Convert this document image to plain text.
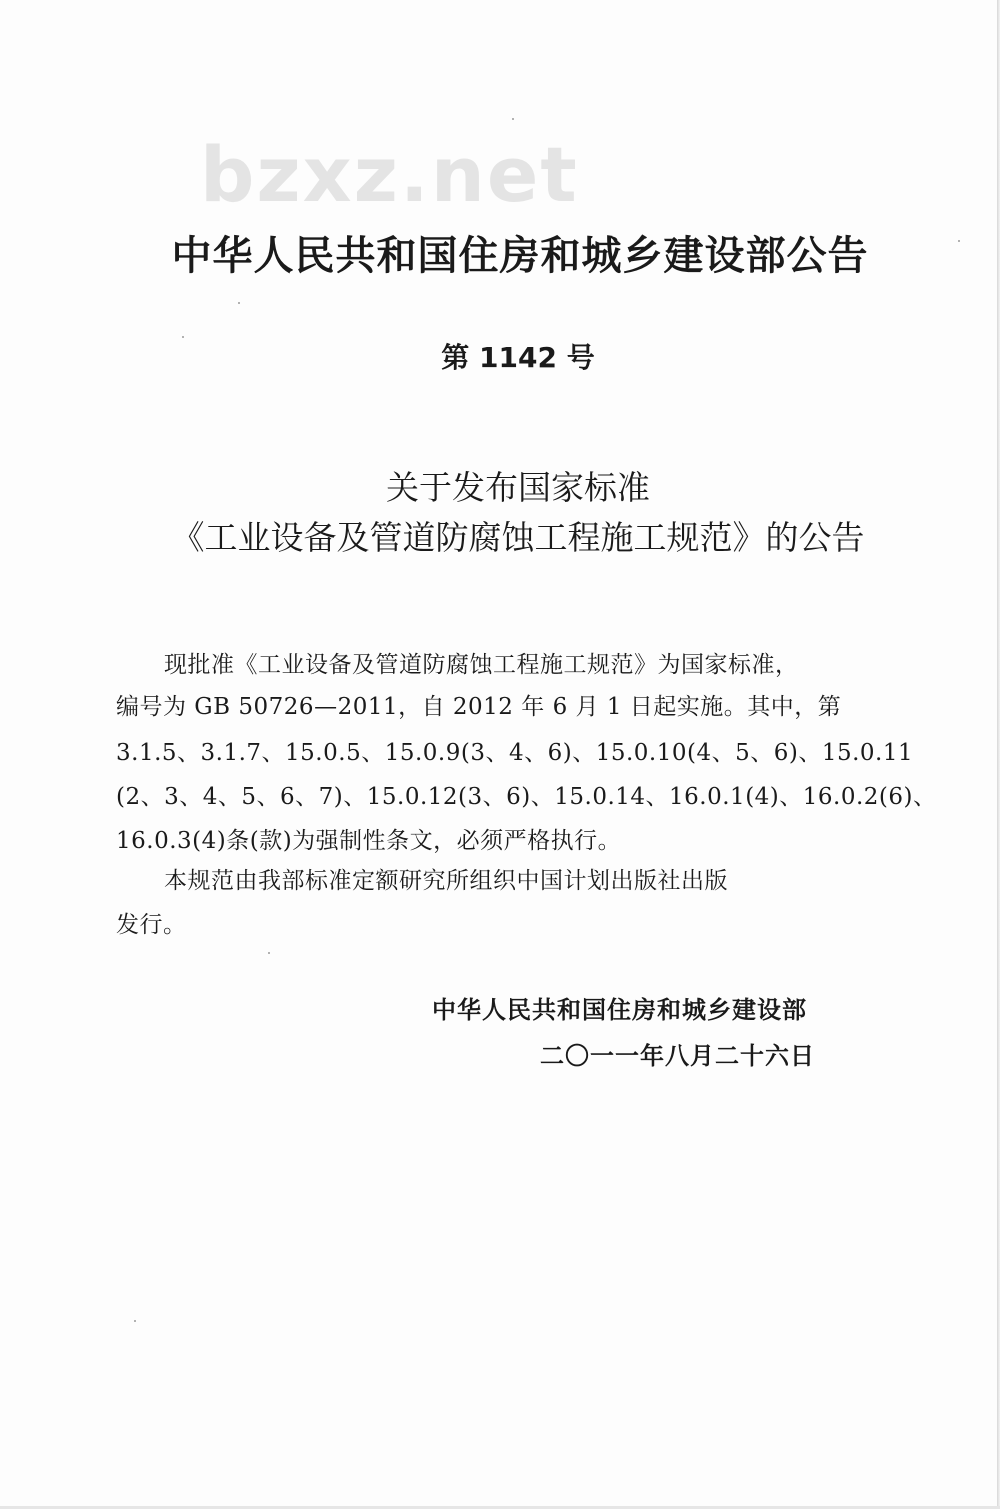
bzxz.net
中华人民共和国住房和城乡建设部公告
第 1142 号
关于发布国家标准
《工业设备及管道防腐蚀工程施工规范》的公告
现批准《工业设备及管道防腐蚀工程施工规范》为国家标准，
编号为 GB 50726—2011，自 2012 年 6 月 1 日起实施。其中，第
3.1.5、3.1.7、15.0.5、15.0.9(3、4、6)、15.0.10(4、5、6)、15.0.11
(2、3、4、5、6、7)、15.0.12(3、6)、15.0.14、16.0.1(4)、16.0.2(6)、
16.0.3(4)条(款)为强制性条文，必须严格执行。
本规范由我部标准定额研究所组织中国计划出版社出版
发行。
中华人民共和国住房和城乡建设部
二〇一一年八月二十六日
